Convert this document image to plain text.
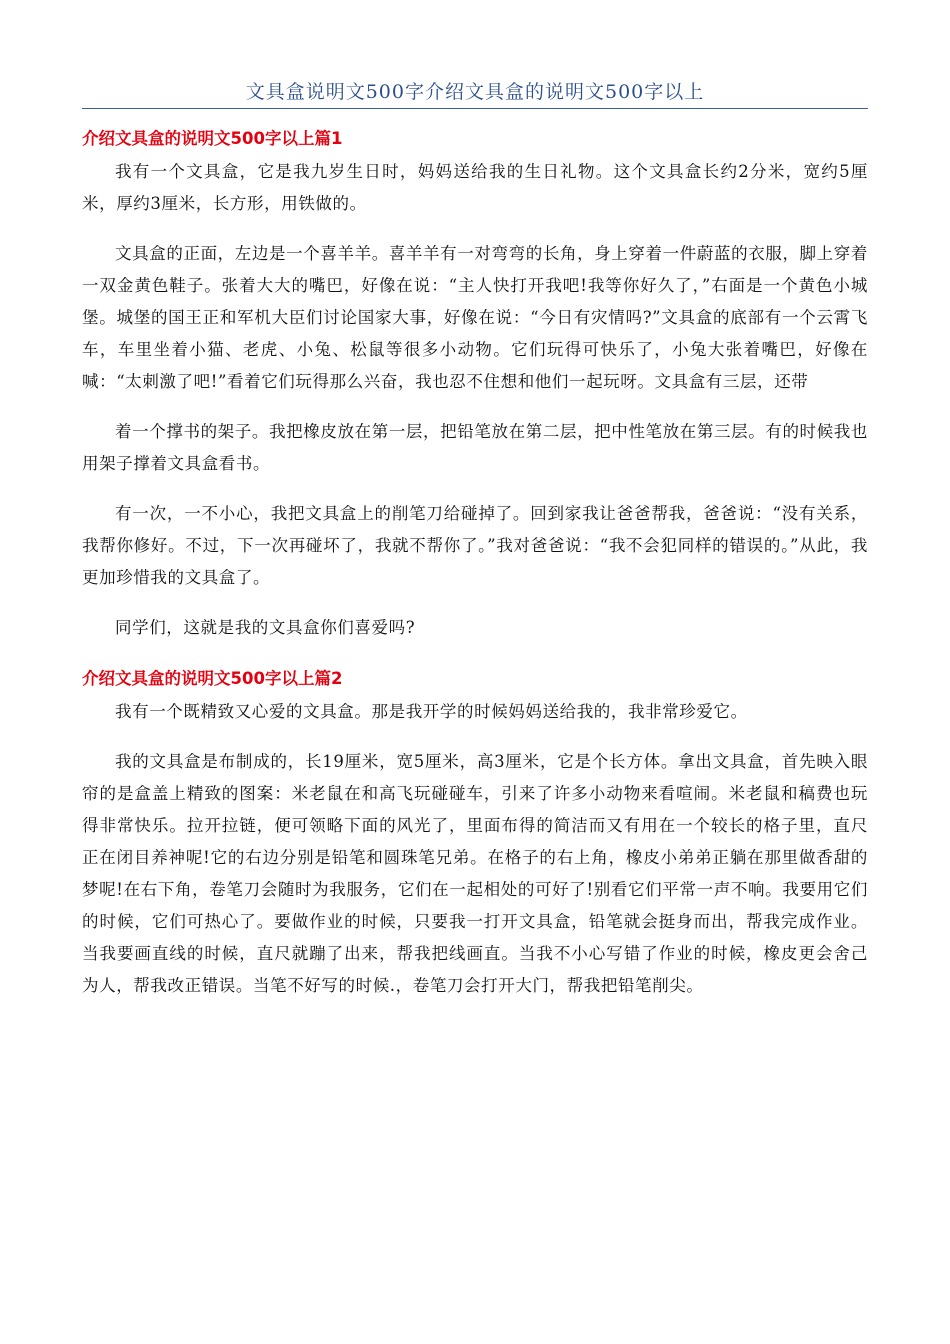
文具盒说明文500字介绍文具盒的说明文500字以上
介绍文具盒的说明文500字以上篇1

我有一个文具盒，它是我九岁生日时，妈妈送给我的生日礼物。这个文具盒长约2分米，宽约5厘米，厚约3厘米，长方形，用铁做的。

文具盒的正面，左边是一个喜羊羊。喜羊羊有一对弯弯的长角，身上穿着一件蔚蓝的衣服，脚上穿着一双金黄色鞋子。张着大大的嘴巴，好像在说：“主人快打开我吧!我等你好久了，”右面是一个黄色小城堡。城堡的国王正和军机大臣们讨论国家大事，好像在说：“今日有灾情吗?”文具盒的底部有一个云霄飞车，车里坐着小猫、老虎、小兔、松鼠等很多小动物。它们玩得可快乐了，小兔大张着嘴巴，好像在喊：“太刺激了吧!”看着它们玩得那么兴奋，我也忍不住想和他们一起玩呀。文具盒有三层，还带

着一个撑书的架子。我把橡皮放在第一层，把铅笔放在第二层，把中性笔放在第三层。有的时候我也用架子撑着文具盒看书。

有一次，一不小心，我把文具盒上的削笔刀给碰掉了。回到家我让爸爸帮我，爸爸说：“没有关系，我帮你修好。不过，下一次再碰坏了，我就不帮你了。”我对爸爸说：“我不会犯同样的错误的。”从此，我更加珍惜我的文具盒了。

同学们，这就是我的文具盒你们喜爱吗?

介绍文具盒的说明文500字以上篇2

我有一个既精致又心爱的文具盒。那是我开学的时候妈妈送给我的，我非常珍爱它。

我的文具盒是布制成的，长19厘米，宽5厘米，高3厘米，它是个长方体。拿出文具盒，首先映入眼帘的是盒盖上精致的图案：米老鼠在和高飞玩碰碰车，引来了许多小动物来看喧闹。米老鼠和稿费也玩得非常快乐。拉开拉链，便可领略下面的风光了，里面布得的简洁而又有用在一个较长的格子里，直尺正在闭目养神呢!它的右边分别是铅笔和圆珠笔兄弟。在格子的右上角，橡皮小弟弟正躺在那里做香甜的梦呢!在右下角，卷笔刀会随时为我服务，它们在一起相处的可好了!别看它们平常一声不响。我要用它们的时候，它们可热心了。要做作业的时候，只要我一打开文具盒，铅笔就会挺身而出，帮我完成作业。当我要画直线的时候，直尺就蹦了出来，帮我把线画直。当我不小心写错了作业的时候，橡皮更会舍己为人，帮我改正错误。当笔不好写的时候.，卷笔刀会打开大门，帮我把铅笔削尖。
